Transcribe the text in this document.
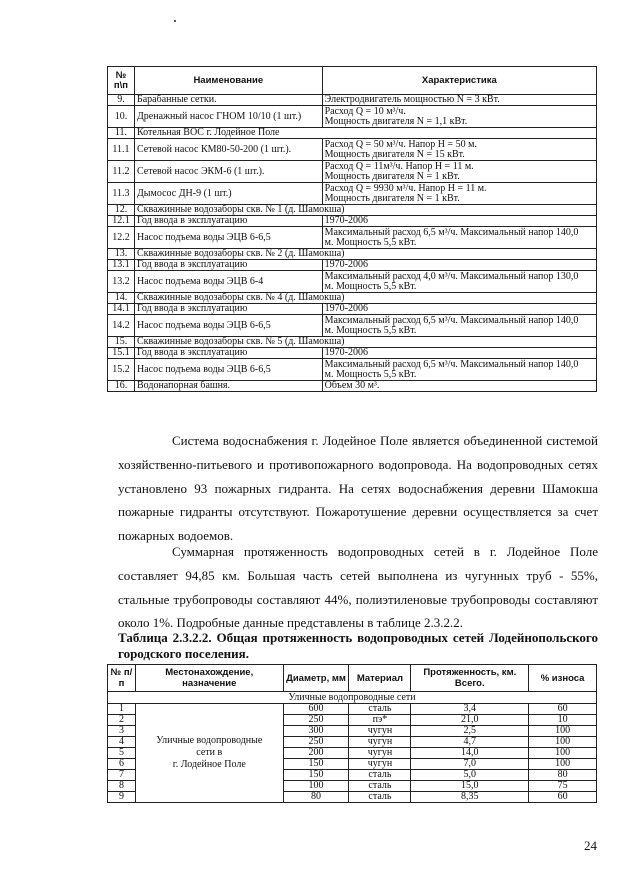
№ п\п	Наименование	Характеристика
9.	Барабанные сетки.	Электродвигатель мощностью N = 3 кВт.

10.	Дренажный насос ГНОМ 10/10 (1 шт.)	Расход Q = 10 м³/ч.
Мощность двигателя N = 1,1 кВт.

11.	Котельная ВОС г. Лодейное Поле	
11.1	Сетевой насос КМ80-50-200 (1 шт.).	Расход Q = 50 м³/ч. Напор Н = 50 м.
Мощность двигателя N = 15 кВт.

11.2	Сетевой насос ЭКМ-6 (1 шт.).	Расход Q = 11м³/ч. Напор Н = 11 м.
Мощность двигателя N = 1 кВт.

11.3	Дымосос ДН-9 (1 шт.)	Расход Q = 9930 м³/ч. Напор Н = 11 м.
Мощность двигателя N = 1 кВт.

12.	Скважинные водозаборы скв. № 1 (д. Шамокша)	
12.1	Год ввода в эксплуатацию	1970-2006

12.2	Насос подъема воды ЭЦВ 6-6,5	Максимальный расход 6,5 м³/ч. Максимальный напор 140,0
м. Мощность 5,5 кВт.

13.	Скважинные водозаборы скв. № 2 (д. Шамокша)	
13.1	Год ввода в эксплуатацию	1970-2006

13.2	Насос подъема воды ЭЦВ 6-4	Максимальный расход 4,0 м³/ч. Максимальный напор 130,0
м. Мощность 5,5 кВт.

14.	Скважинные водозаборы скв. № 4 (д. Шамокша)	
14.1	Год ввода в эксплуатацию	1970-2006

14.2	Насос подъема воды ЭЦВ 6-6,5	Максимальный расход 6,5 м³/ч. Максимальный напор 140,0
м. Мощность 5,5 кВт.

15.	Скважинные водозаборы скв. № 5 (д. Шамокша)	
15.1	Год ввода в эксплуатацию	1970-2006

15.2	Насос подъема воды ЭЦВ 6-6,5	Максимальный расход 6,5 м³/ч. Максимальный напор 140,0
м. Мощность 5,5 кВт.

16.	Водонапорная башня.	Объем 30 м³.
Система водоснабжения г. Лодейное Поле является объединенной системой хозяйственно-питьевого и противопожарного водопровода. На водопроводных сетях установлено 93 пожарных гидранта. На сетях водоснабжения деревни Шамокша пожарные гидранты отсутствуют. Пожаротушение деревни осуществляется за счет пожарных водоемов.
Суммарная протяженность водопроводных сетей в г. Лодейное Поле составляет 94,85 км. Большая часть сетей выполнена из чугунных труб - 55%, стальные трубопроводы составляют 44%, полиэтиленовые трубопроводы составляют около 1%. Подробные данные представлены в таблице 2.3.2.2.
Таблица 2.3.2.2. Общая протяженность водопроводных сетей Лодейнопольского городского поселения.
№ п/п	Местонахождение, назначение	Диаметр, мм	Материал	Протяженность, км. Всего.	% износа
Уличные водопроводные сети					
1	Уличные водопроводные
сети в
г. Лодейное Поле	600	сталь	3,4	60
2		250	пэ*	21,0	10
3		300	чугун	2,5	100
4		250	чугун	4,7	100
5		200	чугун	14,0	100
6		150	чугун	7,0	100
7		150	сталь	5,0	80
8		100	сталь	15,0	75
9		80	сталь	8,35	60
24
